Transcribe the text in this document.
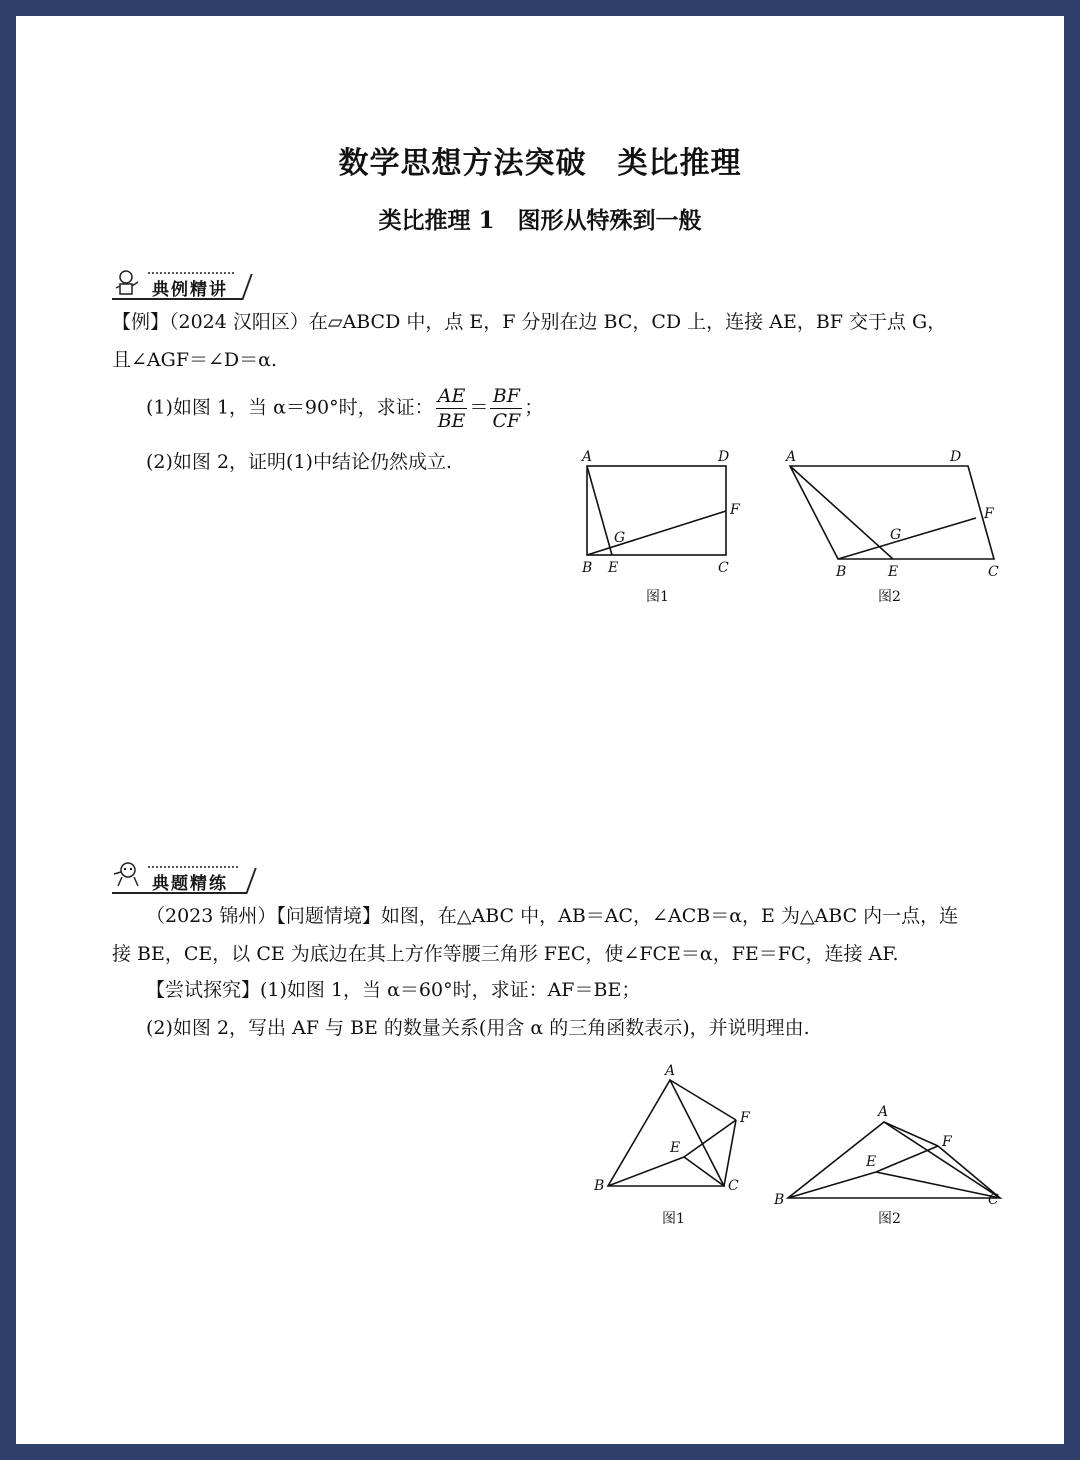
数学思想方法突破　类比推理
类比推理 1　图形从特殊到一般
典例精讲
【例】（2024 汉阳区）在▱ABCD 中，点 E，F 分别在边 BC，CD 上，连接 AE，BF 交于点 G，
且∠AGF＝∠D＝α.
(1)如图 1，当 α＝90°时，求证： $\frac{AE}{BE} = \frac{BF}{CF}$ ；
(2)如图 2，证明(1)中结论仍然成立.	A	D
F
G
B E	C
图1
A	D
F
G
B	E	C
图2
典题精练
（2023 锦州）【问题情境】如图，在△ABC 中，AB＝AC，∠ACB＝α，E 为△ABC 内一点，连
接 BE，CE，以 CE 为底边在其上方作等腰三角形 FEC，使∠FCE＝α，FE＝FC，连接 AF.
【尝试探究】(1)如图 1，当 α＝60°时，求证：AF＝BE；
(2)如图 2，写出 AF 与 BE 的数量关系(用含 α 的三角函数表示)，并说明理由.
A
F
E
B	C
图1
A
F
E
B	C
图2
